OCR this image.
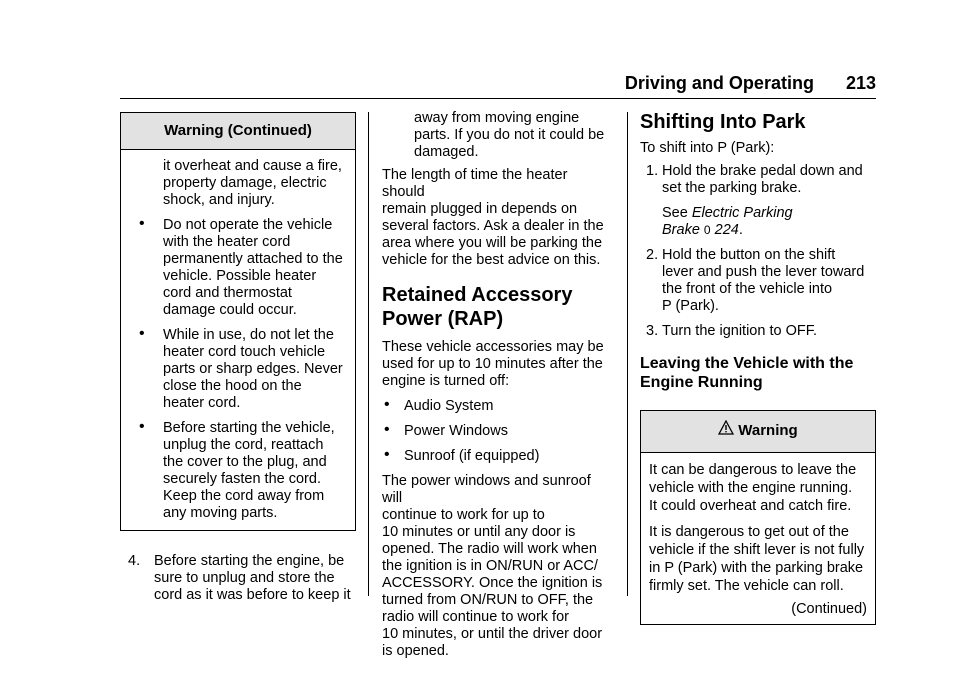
Driving and Operating 213
Warning (Continued)

it overheat and cause a fire,
property damage, electric
shock, and injury.

• Do not operate the vehicle
with the heater cord
permanently attached to the
vehicle. Possible heater
cord and thermostat
damage could occur.

• While in use, do not let the
heater cord touch vehicle
parts or sharp edges. Never
close the hood on the
heater cord.

• Before starting the vehicle,
unplug the cord, reattach
the cover to the plug, and
securely fasten the cord.
Keep the cord away from
any moving parts.

4. Before starting the engine, be
sure to unplug and store the
cord as it was before to keep it

away from moving engine
parts. If you do not it could be
damaged.

The length of time the heater should
remain plugged in depends on
several factors. Ask a dealer in the
area where you will be parking the
vehicle for the best advice on this.

Retained Accessory
Power (RAP)

These vehicle accessories may be
used for up to 10 minutes after the
engine is turned off:

• Audio System

• Power Windows

• Sunroof (if equipped)

The power windows and sunroof will
continue to work for up to
10 minutes or until any door is
opened. The radio will work when
the ignition is in ON/RUN or ACC/
ACCESSORY. Once the ignition is
turned from ON/RUN to OFF, the
radio will continue to work for
10 minutes, or until the driver door
is opened.

Shifting Into Park

To shift into P (Park):

1. Hold the brake pedal down and
set the parking brake.

See Electric Parking
Brake 0 224.

2. Hold the button on the shift
lever and push the lever toward
the front of the vehicle into
P (Park).

3. Turn the ignition to OFF.

Leaving the Vehicle with the
Engine Running
Warning

It can be dangerous to leave the
vehicle with the engine running.
It could overheat and catch fire.

It is dangerous to get out of the
vehicle if the shift lever is not fully
in P (Park) with the parking brake
firmly set. The vehicle can roll.

(Continued)
